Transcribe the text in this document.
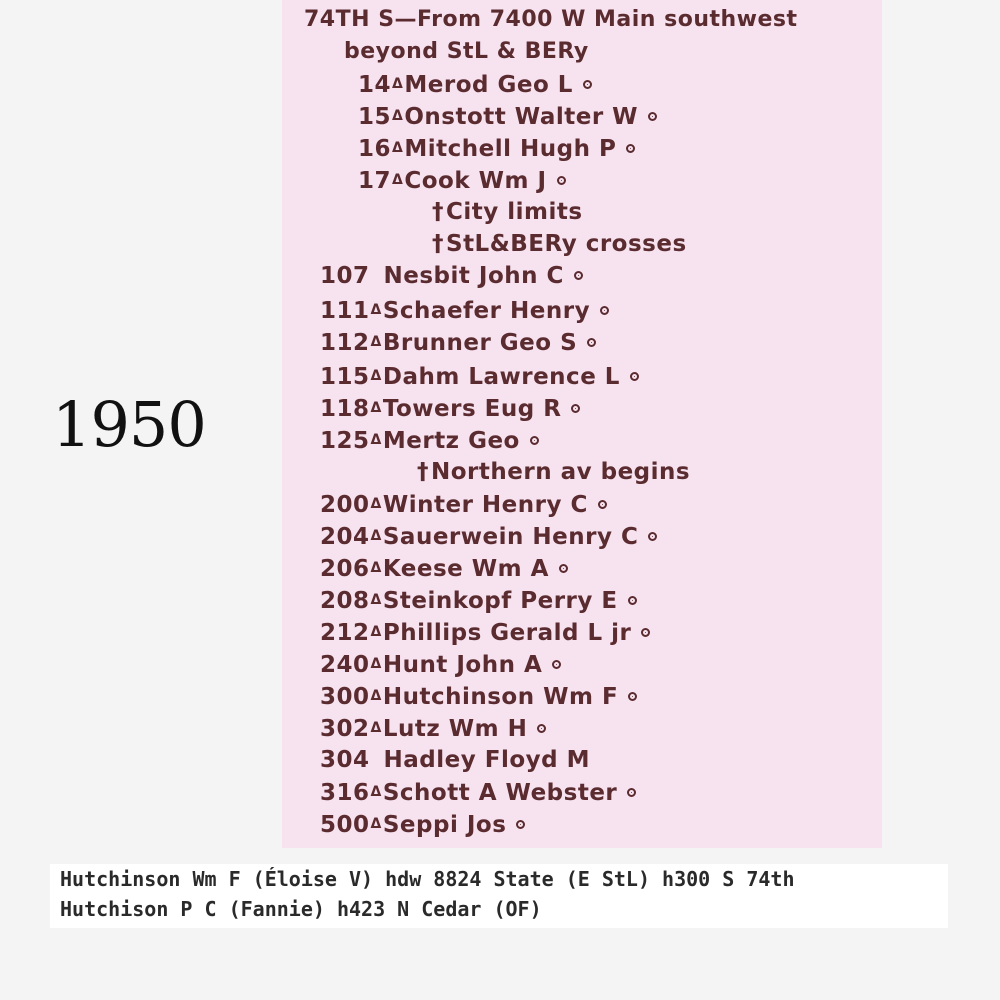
1950
74TH S—From 7400 W Main southwest
beyond StL & BERy
14ΔMerod Geo L
15ΔOnstott Walter W
16ΔMitchell Hugh P
17ΔCook Wm J
†City limits
†StL&BERy crosses
107 Nesbit John C
111ΔSchaefer Henry
112ΔBrunner Geo S
115ΔDahm Lawrence L
118ΔTowers Eug R
125ΔMertz Geo
†Northern av begins
200ΔWinter Henry C
204ΔSauerwein Henry C
206ΔKeese Wm A
208ΔSteinkopf Perry E
212ΔPhillips Gerald L jr
240ΔHunt John A
300ΔHutchinson Wm F
302ΔLutz Wm H
304 Hadley Floyd M
316ΔSchott A Webster
500ΔSeppi Jos
Hutchinson Wm F (Éloise V) hdw 8824 State (E StL) h300 S 74th
Hutchison P C (Fannie) h423 N Cedar (OF)
